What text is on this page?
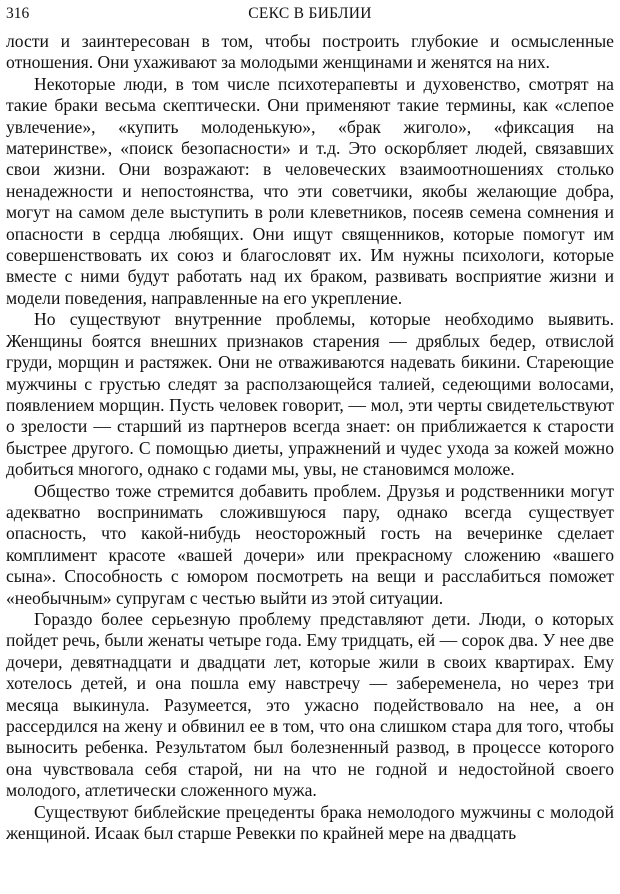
316	СЕКС В БИБЛИИ

лости и заинтересован в том, чтобы построить глубокие и осмысленные отношения. Они ухаживают за молодыми женщинами и женятся на них.

Некоторые люди, в том числе психотерапевты и духовенство, смотрят на такие браки весьма скептически. Они применяют такие термины, как «слепое увлечение», «купить молоденькую», «брак жиголо», «фиксация на материнстве», «поиск безопасности» и т.д. Это оскорбляет людей, связавших свои жизни. Они возражают: в человеческих взаимоотношениях столько ненадежности и непостоянства, что эти советчики, якобы желающие добра, могут на самом деле выступить в роли клеветников, посеяв семена сомнения и опасности в сердца любящих. Они ищут священников, которые помогут им совершенствовать их союз и благословят их. Им нужны психологи, которые вместе с ними будут работать над их браком, развивать восприятие жизни и модели поведения, направленные на его укрепление.

Но существуют внутренние проблемы, которые необходимо выявить. Женщины боятся внешних признаков старения — дряблых бедер, отвислой груди, морщин и растяжек. Они не отваживаются надевать бикини. Стареющие мужчины с грустью следят за расползающейся талией, седеющими волосами, появлением морщин. Пусть человек говорит, — мол, эти черты свидетельствуют о зрелости — старший из партнеров всегда знает: он приближается к старости быстрее другого. С помощью диеты, упражнений и чудес ухода за кожей можно добиться многого, однако с годами мы, увы, не становимся моложе.

Общество тоже стремится добавить проблем. Друзья и родственники могут адекватно воспринимать сложившуюся пару, однако всегда существует опасность, что какой-нибудь неосторожный гость на вечеринке сделает комплимент красоте «вашей дочери» или прекрасному сложению «вашего сына». Способность с юмором посмотреть на вещи и расслабиться поможет «необычным» супругам с честью выйти из этой ситуации.

Гораздо более серьезную проблему представляют дети. Люди, о которых пойдет речь, были женаты четыре года. Ему тридцать, ей — сорок два. У нее две дочери, девятнадцати и двадцати лет, которые жили в своих квартирах. Ему хотелось детей, и она пошла ему навстречу — забеременела, но через три месяца выкинула. Разумеется, это ужасно подействовало на нее, а он рассердился на жену и обвинил ее в том, что она слишком стара для того, чтобы выносить ребенка. Результатом был болезненный развод, в процессе которого она чувствовала себя старой, ни на что не годной и недостойной своего молодого, атлетически сложенного мужа.

Существуют библейские прецеденты брака немолодого мужчины с молодой женщиной. Исаак был старше Ревекки по крайней мере на двадцать
